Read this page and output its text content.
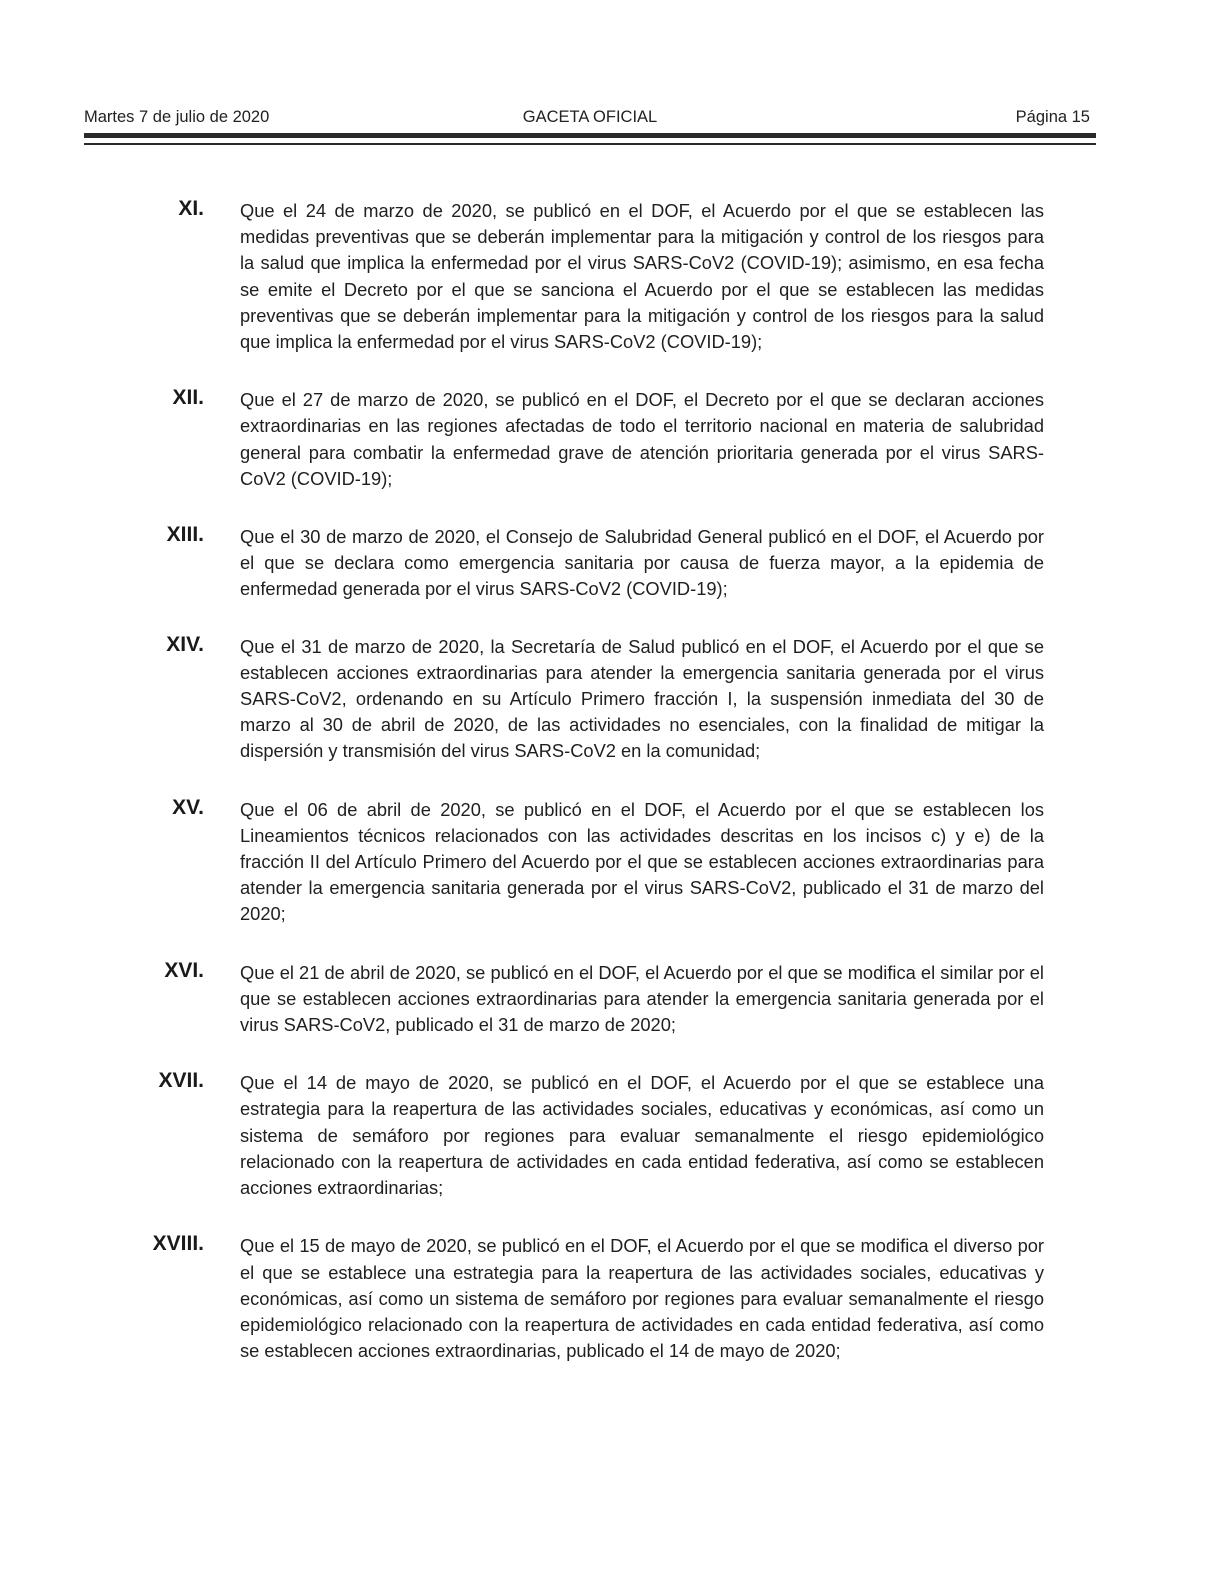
Martes 7 de julio de 2020	GACETA OFICIAL	Página 15
XI. Que el 24 de marzo de 2020, se publicó en el DOF, el Acuerdo por el que se establecen las medidas preventivas que se deberán implementar para la mitigación y control de los riesgos para la salud que implica la enfermedad por el virus SARS-CoV2 (COVID-19); asimismo, en esa fecha se emite el Decreto por el que se sanciona el Acuerdo por el que se establecen las medidas preventivas que se deberán implementar para la mitigación y control de los riesgos para la salud que implica la enfermedad por el virus SARS-CoV2 (COVID-19);
XII. Que el 27 de marzo de 2020, se publicó en el DOF, el Decreto por el que se declaran acciones extraordinarias en las regiones afectadas de todo el territorio nacional en materia de salubridad general para combatir la enfermedad grave de atención prioritaria generada por el virus SARS-CoV2 (COVID-19);
XIII. Que el 30 de marzo de 2020, el Consejo de Salubridad General publicó en el DOF, el Acuerdo por el que se declara como emergencia sanitaria por causa de fuerza mayor, a la epidemia de enfermedad generada por el virus SARS-CoV2 (COVID-19);
XIV. Que el 31 de marzo de 2020, la Secretaría de Salud publicó en el DOF, el Acuerdo por el que se establecen acciones extraordinarias para atender la emergencia sanitaria generada por el virus SARS-CoV2, ordenando en su Artículo Primero fracción I, la suspensión inmediata del 30 de marzo al 30 de abril de 2020, de las actividades no esenciales, con la finalidad de mitigar la dispersión y transmisión del virus SARS-CoV2 en la comunidad;
XV. Que el 06 de abril de 2020, se publicó en el DOF, el Acuerdo por el que se establecen los Lineamientos técnicos relacionados con las actividades descritas en los incisos c) y e) de la fracción II del Artículo Primero del Acuerdo por el que se establecen acciones extraordinarias para atender la emergencia sanitaria generada por el virus SARS-CoV2, publicado el 31 de marzo del 2020;
XVI. Que el 21 de abril de 2020, se publicó en el DOF, el Acuerdo por el que se modifica el similar por el que se establecen acciones extraordinarias para atender la emergencia sanitaria generada por el virus SARS-CoV2, publicado el 31 de marzo de 2020;
XVII. Que el 14 de mayo de 2020, se publicó en el DOF, el Acuerdo por el que se establece una estrategia para la reapertura de las actividades sociales, educativas y económicas, así como un sistema de semáforo por regiones para evaluar semanalmente el riesgo epidemiológico relacionado con la reapertura de actividades en cada entidad federativa, así como se establecen acciones extraordinarias;
XVIII. Que el 15 de mayo de 2020, se publicó en el DOF, el Acuerdo por el que se modifica el diverso por el que se establece una estrategia para la reapertura de las actividades sociales, educativas y económicas, así como un sistema de semáforo por regiones para evaluar semanalmente el riesgo epidemiológico relacionado con la reapertura de actividades en cada entidad federativa, así como se establecen acciones extraordinarias, publicado el 14 de mayo de 2020;
